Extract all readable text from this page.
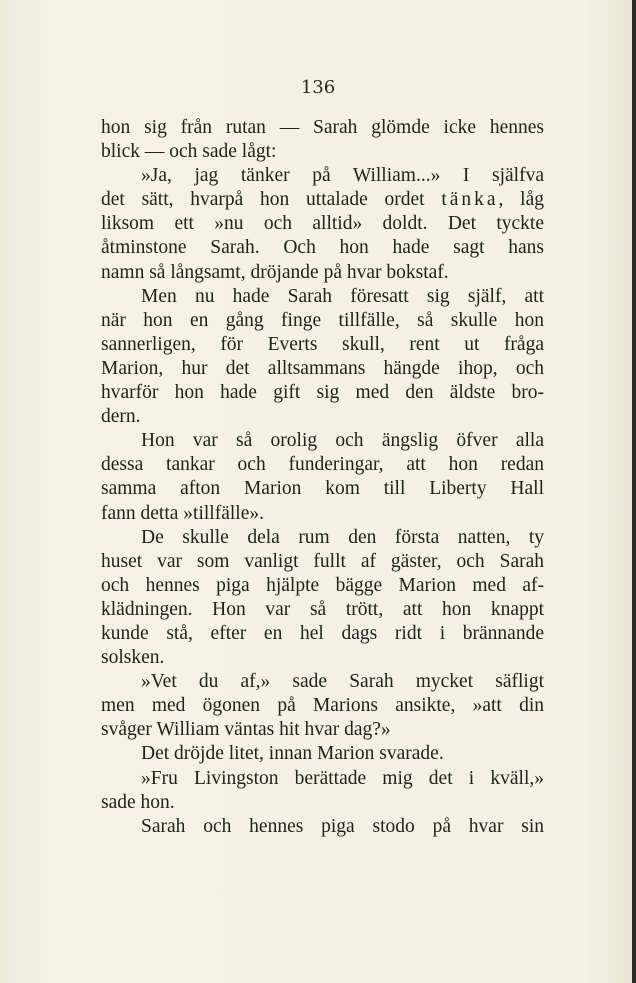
136
hon sig från rutan — Sarah glömde icke hennes
blick — och sade lågt:
»Ja, jag tänker på William...» I själfva
det sätt, hvarpå hon uttalade ordet tänka, låg
liksom ett »nu och alltid» doldt. Det tyckte
åtminstone Sarah. Och hon hade sagt hans
namn så långsamt, dröjande på hvar bokstaf.
Men nu hade Sarah föresatt sig själf, att
när hon en gång finge tillfälle, så skulle hon
sannerligen, för Everts skull, rent ut fråga
Marion, hur det alltsammans hängde ihop, och
hvarför hon hade gift sig med den äldste bro-
dern.
Hon var så orolig och ängslig öfver alla
dessa tankar och funderingar, att hon redan
samma afton Marion kom till Liberty Hall
fann detta »tillfälle».
De skulle dela rum den första natten, ty
huset var som vanligt fullt af gäster, och Sarah
och hennes piga hjälpte bägge Marion med af-
klädningen. Hon var så trött, att hon knappt
kunde stå, efter en hel dags ridt i brännande
solsken.
»Vet du af,» sade Sarah mycket säfligt
men med ögonen på Marions ansikte, »att din
svåger William väntas hit hvar dag?»
Det dröjde litet, innan Marion svarade.
»Fru Livingston berättade mig det i kväll,»
sade hon.
Sarah och hennes piga stodo på hvar sin
